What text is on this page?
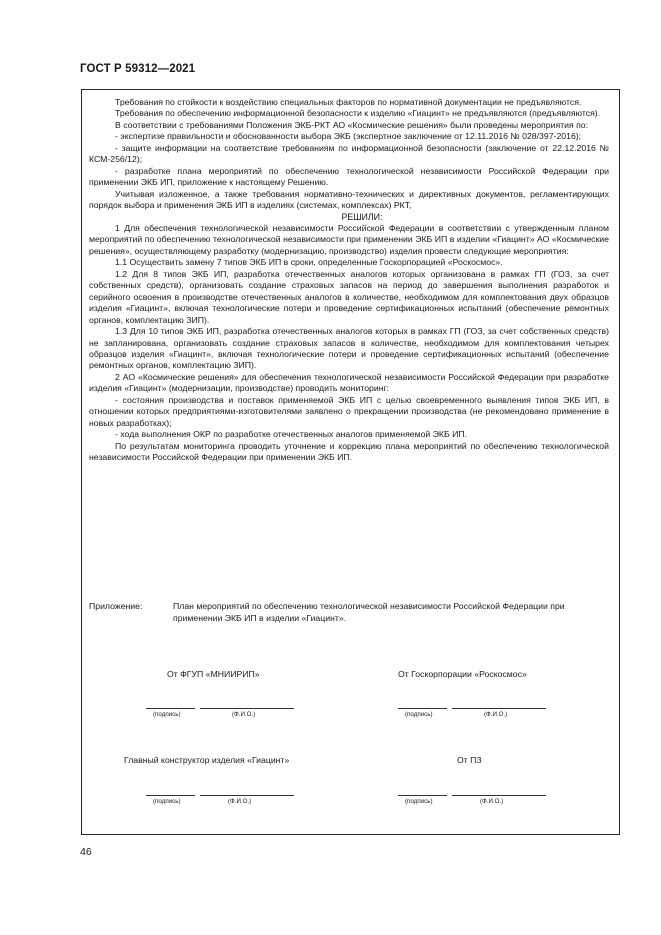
ГОСТ Р 59312—2021

Требования по стойкости к воздействию специальных факторов по нормативной документации не предъявляются.

Требования по обеспечению информационной безопасности к изделию «Гиацинт» не предъявляются (предъявляются).

В соответствии с требованиями Положения ЭКБ-РКТ АО «Космические решения» были проведены мероприятия по:

- экспертизе правильности и обоснованности выбора ЭКБ (экспертное заключение от 12.11.2016 № 028/397-2016);

- защите информации на соответствие требованиям по информационной безопасности (заключение от 22.12.2016 № КСМ-256/12);

- разработке плана мероприятий по обеспечению технологической независимости Российской Федерации при применении ЭКБ ИП, приложение к настоящему Решению.

Учитывая изложенное, а также требования нормативно-технических и директивных документов, регламентирующих порядок выбора и применения ЭКБ ИП в изделиях (системах, комплексах) РКТ,

РЕШИЛИ:

1 Для обеспечения технологической независимости Российской Федерации в соответствии с утвержденным планом мероприятий по обеспечению технологической независимости при применении ЭКБ ИП в изделии «Гиацинт» АО «Космические решения», осуществляющему разработку (модернизацию, производство) изделия провести следующие мероприятия:

1.1 Осуществить замену 7 типов ЭКБ ИП в сроки, определенные Госкорпорацией «Роскосмос».

1.2 Для 8 типов ЭКБ ИП, разработка отечественных аналогов которых организована в рамках ГП (ГОЗ, за счет собственных средств), организовать создание страховых запасов на период до завершения выполнения разработок и серийного освоения в производстве отечественных аналогов в количестве, необходимом для комплектования двух образцов изделия «Гиацинт», включая технологические потери и проведение сертификационных испытаний (обеспечение ремонтных органов, комплектацию ЗИП).

1.3 Для 10 типов ЭКБ ИП, разработка отечественных аналогов которых в рамках ГП (ГОЗ, за счет собственных средств) не запланирована, организовать создание страховых запасов в количестве, необходимом для комплектования четырех образцов изделия «Гиацинт», включая технологические потери и проведение сертификационных испытаний (обеспечение ремонтных органов, комплектацию ЗИП).

2 АО «Космические решения» для обеспечения технологической независимости Российской Федерации при разработке изделия «Гиацинт» (модернизации, производстве) проводить мониторинг:

- состояния производства и поставок применяемой ЭКБ ИП с целью своевременного выявления типов ЭКБ ИП, в отношении которых предприятиями-изготовителями заявлено о прекращении производства (не рекомендовано применение в новых разработках);

- хода выполнения ОКР по разработке отечественных аналогов применяемой ЭКБ ИП.

По результатам мониторинга проводить уточнение и коррекцию плана мероприятий по обеспечению технологической независимости Российской Федерации при применении ЭКБ ИП.

Приложение:	План мероприятий по обеспечению технологической независимости Российской Федерации при применении ЭКБ ИП в изделии «Гиацинт».
От ФГУП «МНИИРИП»
(подпись)	(Ф.И.О.)
От Госкорпорации «Роскосмос»
(подпись)	(Ф.И.О.)
Главный конструктор изделия «Гиацинт»
(подпись)	(Ф.И.О.)
От ПЗ
(подпись)	(Ф.И.О.)
46
